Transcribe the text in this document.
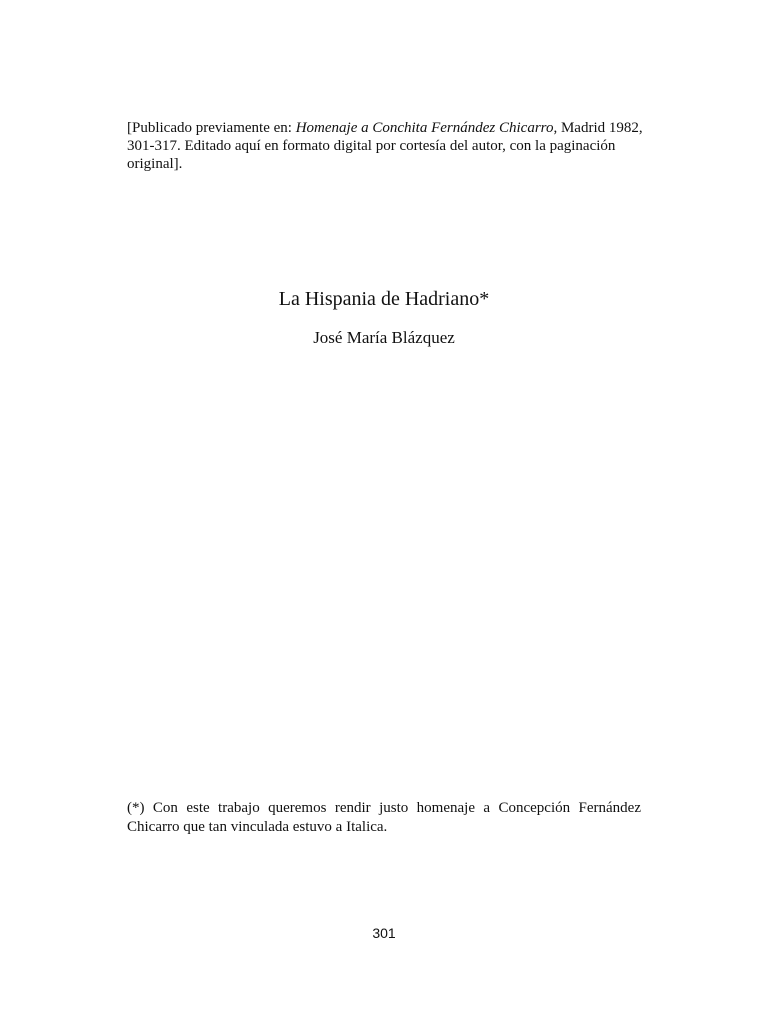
[Publicado previamente en: Homenaje a Conchita Fernández Chicarro, Madrid 1982, 301-317. Editado aquí en formato digital por cortesía del autor, con la paginación original].
La Hispania de Hadriano*
José María Blázquez
(*) Con este trabajo queremos rendir justo homenaje a Concepción Fernández
Chicarro que tan vinculada estuvo a Italica.
301
